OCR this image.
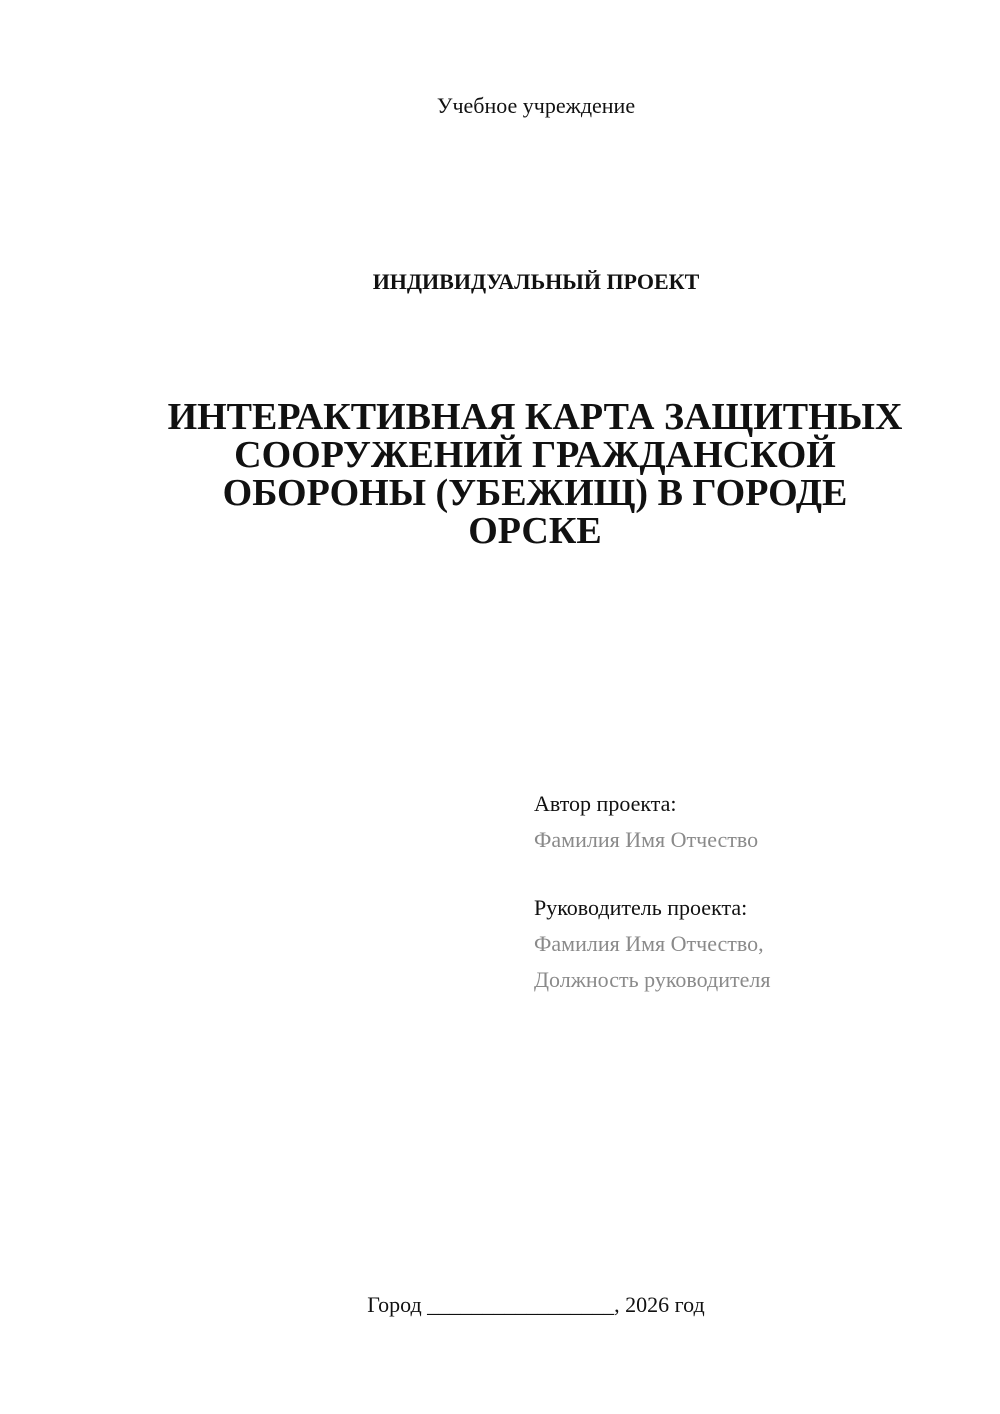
Учебное учреждение
ИНДИВИДУАЛЬНЫЙ ПРОЕКТ
ИНТЕРАКТИВНАЯ КАРТА ЗАЩИТНЫХ
СООРУЖЕНИЙ ГРАЖДАНСКОЙ
ОБОРОНЫ (УБЕЖИЩ) В ГОРОДЕ
ОРСКЕ
Автор проекта:
Фамилия Имя Отчество
Руководитель проекта:
Фамилия Имя Отчество,
Должность руководителя
Город _________________, 2026 год
